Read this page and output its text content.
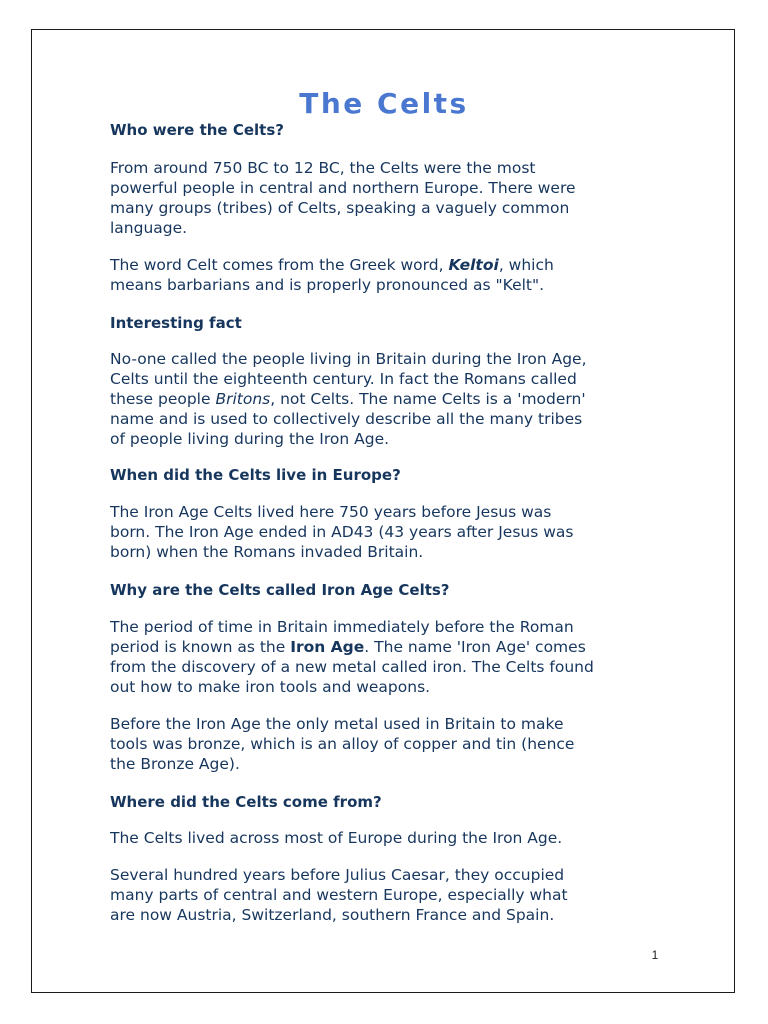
The Celts
Who were the Celts?
From around 750 BC to 12 BC, the Celts were the most
powerful people in central and northern Europe. There were
many groups (tribes) of Celts, speaking a vaguely common
language.
The word Celt comes from the Greek word, Keltoi, which
means barbarians and is properly pronounced as "Kelt".
Interesting fact
No-one called the people living in Britain during the Iron Age,
Celts until the eighteenth century. In fact the Romans called
these people Britons, not Celts. The name Celts is a 'modern'
name and is used to collectively describe all the many tribes
of people living during the Iron Age.
When did the Celts live in Europe?
The Iron Age Celts lived here 750 years before Jesus was
born. The Iron Age ended in AD43 (43 years after Jesus was
born) when the Romans invaded Britain.
Why are the Celts called Iron Age Celts?
The period of time in Britain immediately before the Roman
period is known as the Iron Age. The name 'Iron Age' comes
from the discovery of a new metal called iron. The Celts found
out how to make iron tools and weapons.
Before the Iron Age the only metal used in Britain to make
tools was bronze, which is an alloy of copper and tin (hence
the Bronze Age).
Where did the Celts come from?
The Celts lived across most of Europe during the Iron Age.
Several hundred years before Julius Caesar, they occupied
many parts of central and western Europe, especially what
are now Austria, Switzerland, southern France and Spain.
1
